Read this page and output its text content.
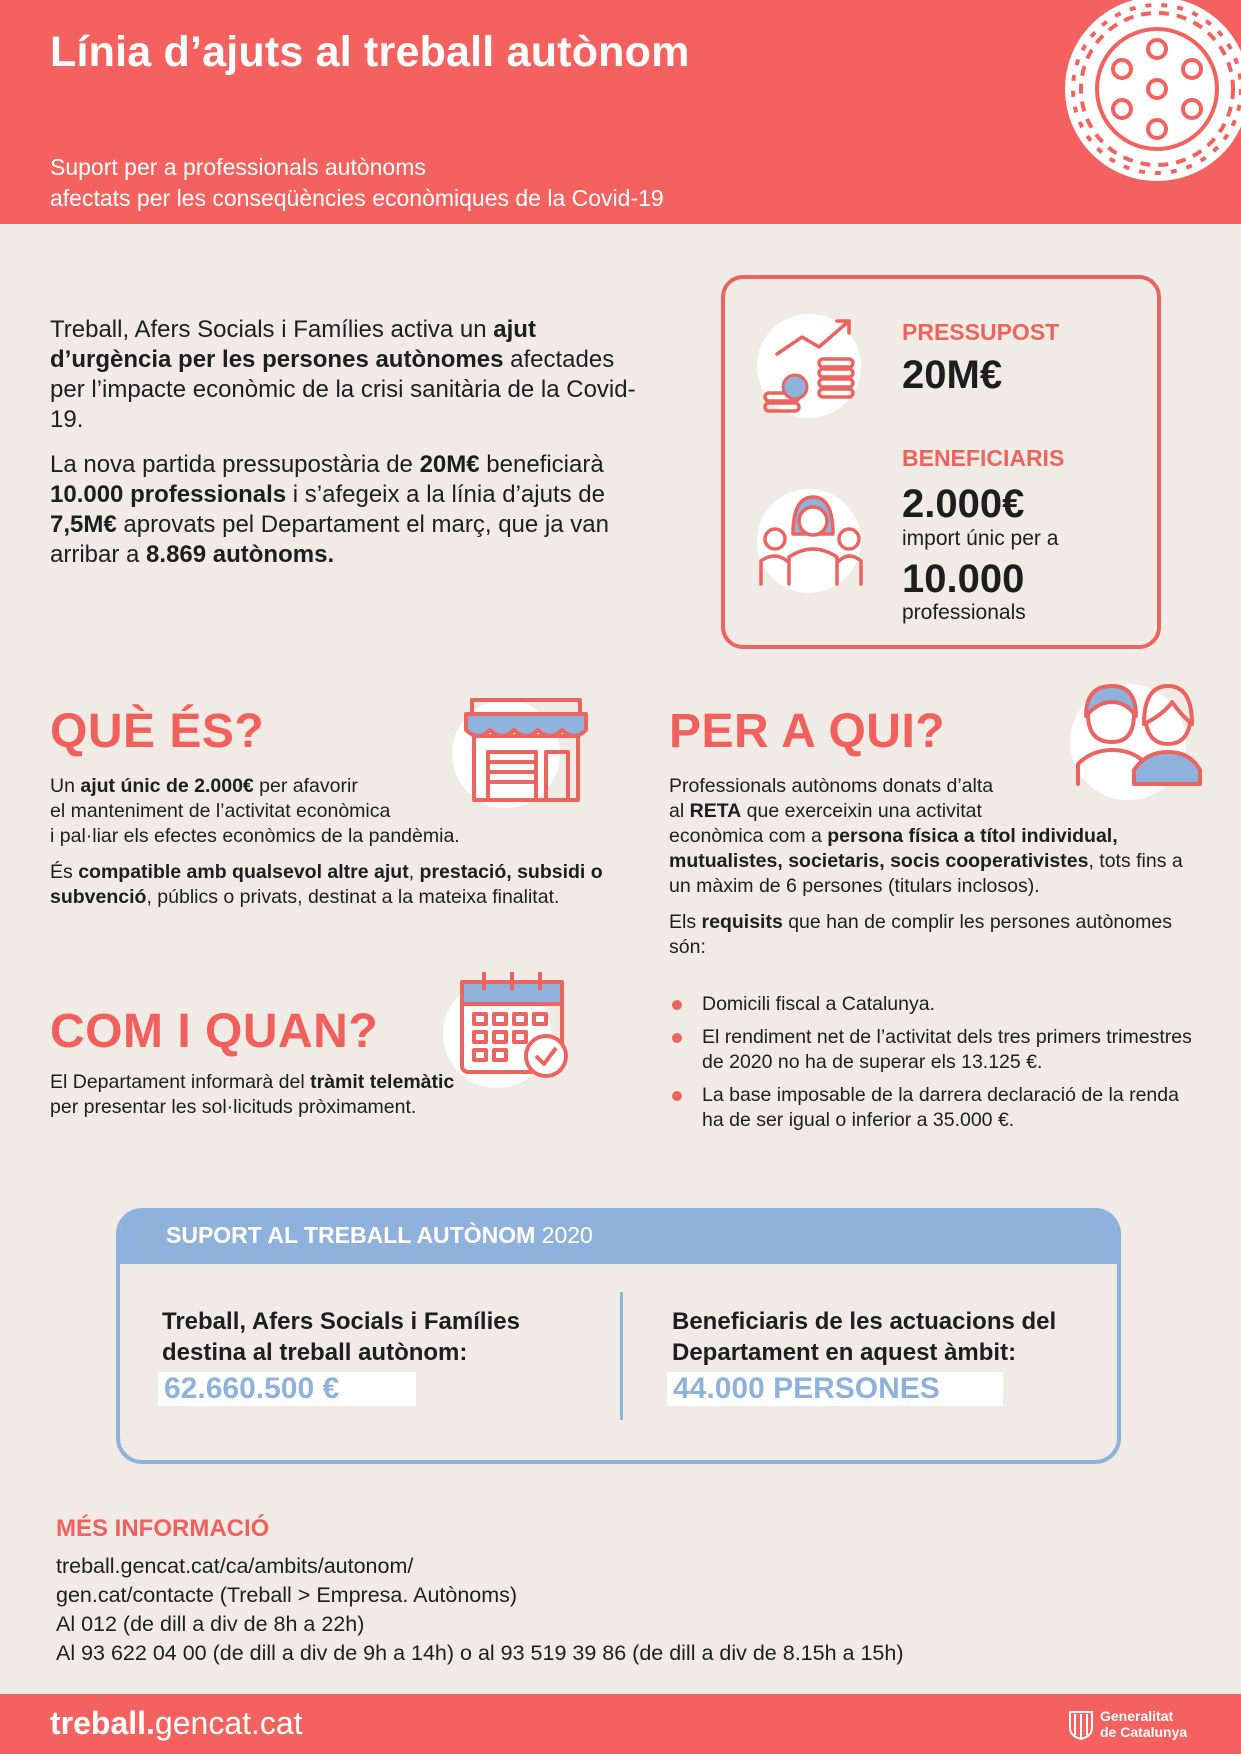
Línia d’ajuts al treball autònom
Suport per a professionals autònoms
afectats per les conseqüències econòmiques de la Covid-19

Treball, Afers Socials i Famílies activa un ajut d’urgència per les persones autònomes afectades per l’impacte econòmic de la crisi sanitària de la Covid-19.

La nova partida pressupostària de 20M€ beneficiarà 10.000 professionals i s’afegeix a la línia d’ajuts de 7,5M€ aprovats pel Departament el març, que ja van arribar a 8.869 autònoms.

PRESSUPOST
20M€
BENEFICIARIS
2.000€
import únic per a
10.000
professionals
QUÈ ÉS?

Un ajut únic de 2.000€ per afavorir
el manteniment de l’activitat econòmica
i pal·liar els efectes econòmics de la pandèmia.

És compatible amb qualsevol altre ajut, prestació, subsidi o subvenció, públics o privats, destinat a la mateixa finalitat.

COM I QUAN?

El Departament informarà del tràmit telemàtic per presentar les sol·licituds pròximament.

PER A QUI?

Professionals autònoms donats d’alta
al RETA que exerceixin una activitat
econòmica com a persona física a títol individual, mutualistes, societaris, socis cooperativistes, tots fins a un màxim de 6 persones (titulars inclosos).

Els requisits que han de complir les persones autònomes són:

Domicili fiscal a Catalunya.
El rendiment net de l’activitat dels tres primers trimestres de 2020 no ha de superar els 13.125 €.
La base imposable de la darrera declaració de la renda ha de ser igual o inferior a 35.000 €.
SUPORT AL TREBALL AUTÒNOM 2020
Treball, Afers Socials i Famílies destina al treball autònom:
62.660.500 €
Beneficiaris de les actuacions del Departament en aquest àmbit:
44.000 PERSONES
MÉS INFORMACIÓ
treball.gencat.cat/ca/ambits/autonom/
gen.cat/contacte (Treball > Empresa. Autònoms)
Al 012 (de dill a div de 8h a 22h)
Al 93 622 04 00 (de dill a div de 9h a 14h) o al 93 519 39 86 (de dill a div de 8.15h a 15h)
treball.gencat.cat	Generalitat
de Catalunya
